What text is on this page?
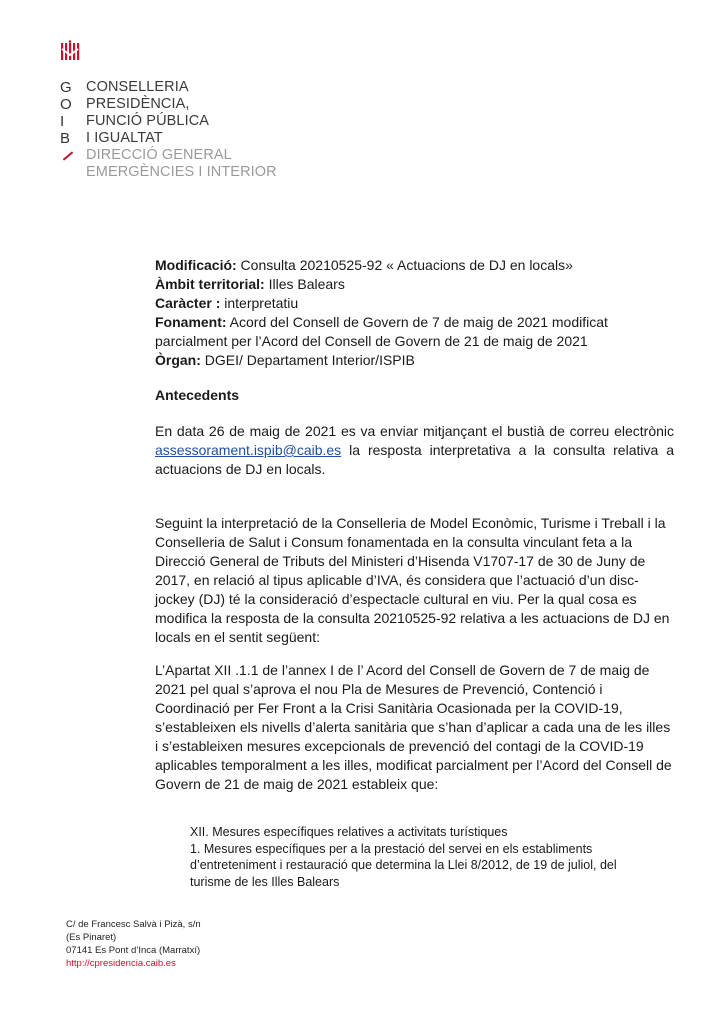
G CONSELLERIA
O PRESIDÈNCIA,
I	FUNCIÓ PÚBLICA
B	I IGUALTAT
DIRECCIÓ GENERAL
EMERGÈNCIES I INTERIOR

Modificació: Consulta 20210525-92 « Actuacions de DJ en locals»

Àmbit territorial: Illes Balears

Caràcter : interpretatiu

Fonament: Acord del Consell de Govern de 7 de maig de 2021 modificat parcialment per l’Acord del Consell de Govern de 21 de maig de 2021

Òrgan: DGEI/ Departament Interior/ISPIB

Antecedents

En data 26 de maig de 2021 es va enviar mitjançant el bustià de correu electrònic assessorament.ispib@caib.es la resposta interpretativa a la consulta relativa a actuacions de DJ en locals.

Seguint la interpretació de la Conselleria de Model Econòmic, Turisme i Treball i la Conselleria de Salut i Consum fonamentada en la consulta vinculant feta a la Direcció General de Tributs del Ministeri d’Hisenda V1707-17 de 30 de Juny de 2017, en relació al tipus aplicable d’IVA, és considera que l’actuació d’un disc-jockey (DJ) té la consideració d’espectacle cultural en viu. Per la qual cosa es modifica la resposta de la consulta 20210525-92 relativa a les actuacions de DJ en locals en el sentit següent:

L’Apartat XII .1.1 de l’annex I de l’ Acord del Consell de Govern de 7 de maig de 2021 pel qual s’aprova el nou Pla de Mesures de Prevenció, Contenció i Coordinació per Fer Front a la Crisi Sanitària Ocasionada per la COVID-19, s’estableixen els nivells d’alerta sanitària que s’han d’aplicar a cada una de les illes i s’estableixen mesures excepcionals de prevenció del contagi de la COVID-19 aplicables temporalment a les illes, modificat parcialment per l’Acord del Consell de Govern de 21 de maig de 2021 estableix que:

XII. Mesures específiques relatives a activitats turístiques

1. Mesures específiques per a la prestació del servei en els establiments d’entreteniment i restauració que determina la Llei 8/2012, de 19 de juliol, del turisme de les Illes Balears

C/ de Francesc Salvà i Pizà, s/n

(Es Pinaret)

07141 Es Pont d’Inca (Marratxí)

http://cpresidencia.caib.es
